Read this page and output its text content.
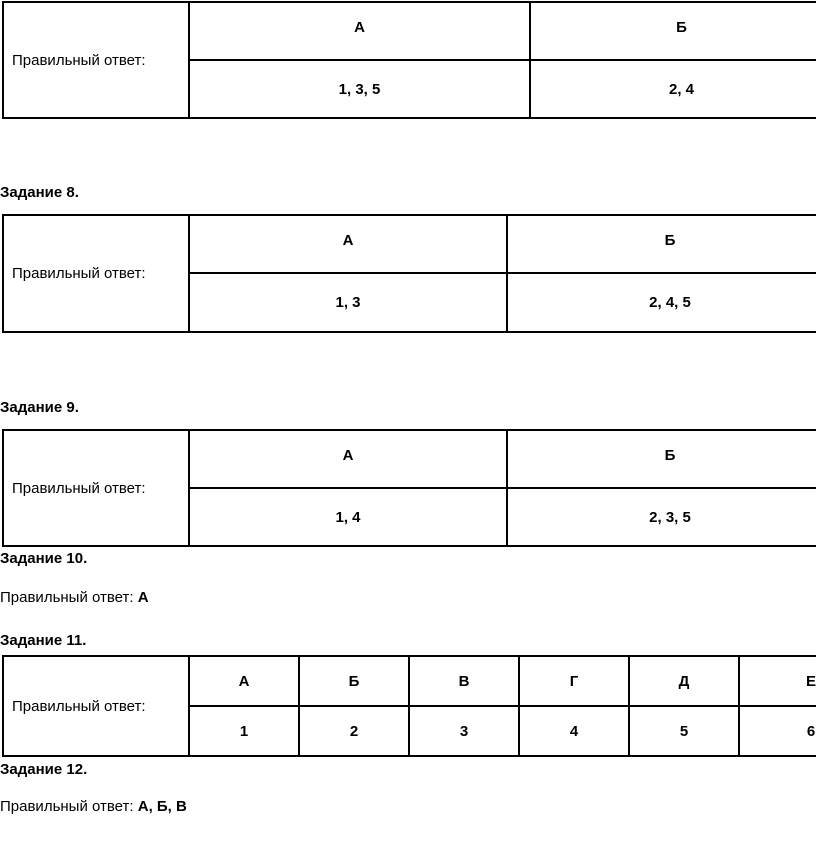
Правильный ответ:	А	Б
	1, 3, 5	2, 4

Задание 8.

Правильный ответ:	А	Б
	1, 3	2, 4, 5

Задание 9.

Правильный ответ:	А	Б
	1, 4	2, 3, 5

Задание 10.

Правильный ответ: А

Задание 11.

Правильный ответ:	А	Б	В	Г	Д	Е
	1	2	3	4	5	6

Задание 12.

Правильный ответ: А, Б, В
